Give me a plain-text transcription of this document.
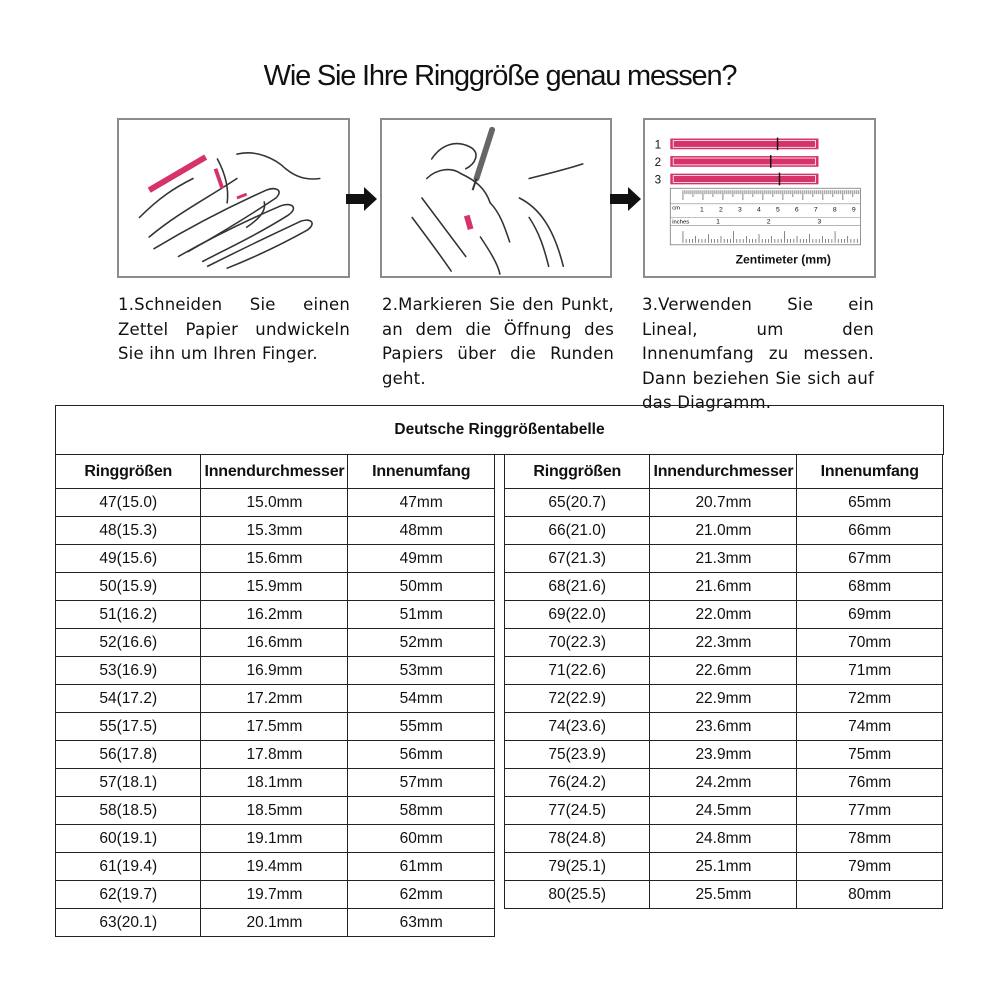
Wie Sie Ihre Ringgröße genau messen?
1
2
3
cm	1 2 3 4 5 6 7 8 9
inches	1	2	3
Zentimeter (mm)
1.Schneiden Sie einen Zettel Papier undwickeln Sie ihn um Ihren Finger.
2.Markieren Sie den Punkt, an dem die Öffnung des Papiers über die Runden geht.
3.Verwenden Sie ein Lineal, um den Innenumfang zu messen. Dann beziehen Sie sich auf das Diagramm.
Deutsche Ringgrößentabelle
Ringgrößen	Innendurchmesser	Innenumfang
47(15.0)	15.0mm	47mm
48(15.3)	15.3mm	48mm
49(15.6)	15.6mm	49mm
50(15.9)	15.9mm	50mm
51(16.2)	16.2mm	51mm
52(16.6)	16.6mm	52mm
53(16.9)	16.9mm	53mm
54(17.2)	17.2mm	54mm
55(17.5)	17.5mm	55mm
56(17.8)	17.8mm	56mm
57(18.1)	18.1mm	57mm
58(18.5)	18.5mm	58mm
60(19.1)	19.1mm	60mm
61(19.4)	19.4mm	61mm
62(19.7)	19.7mm	62mm
63(20.1)	20.1mm	63mm
Ringgrößen	Innendurchmesser	Innenumfang
65(20.7)	20.7mm	65mm
66(21.0)	21.0mm	66mm
67(21.3)	21.3mm	67mm
68(21.6)	21.6mm	68mm
69(22.0)	22.0mm	69mm
70(22.3)	22.3mm	70mm
71(22.6)	22.6mm	71mm
72(22.9)	22.9mm	72mm
74(23.6)	23.6mm	74mm
75(23.9)	23.9mm	75mm
76(24.2)	24.2mm	76mm
77(24.5)	24.5mm	77mm
78(24.8)	24.8mm	78mm
79(25.1)	25.1mm	79mm
80(25.5)	25.5mm	80mm
